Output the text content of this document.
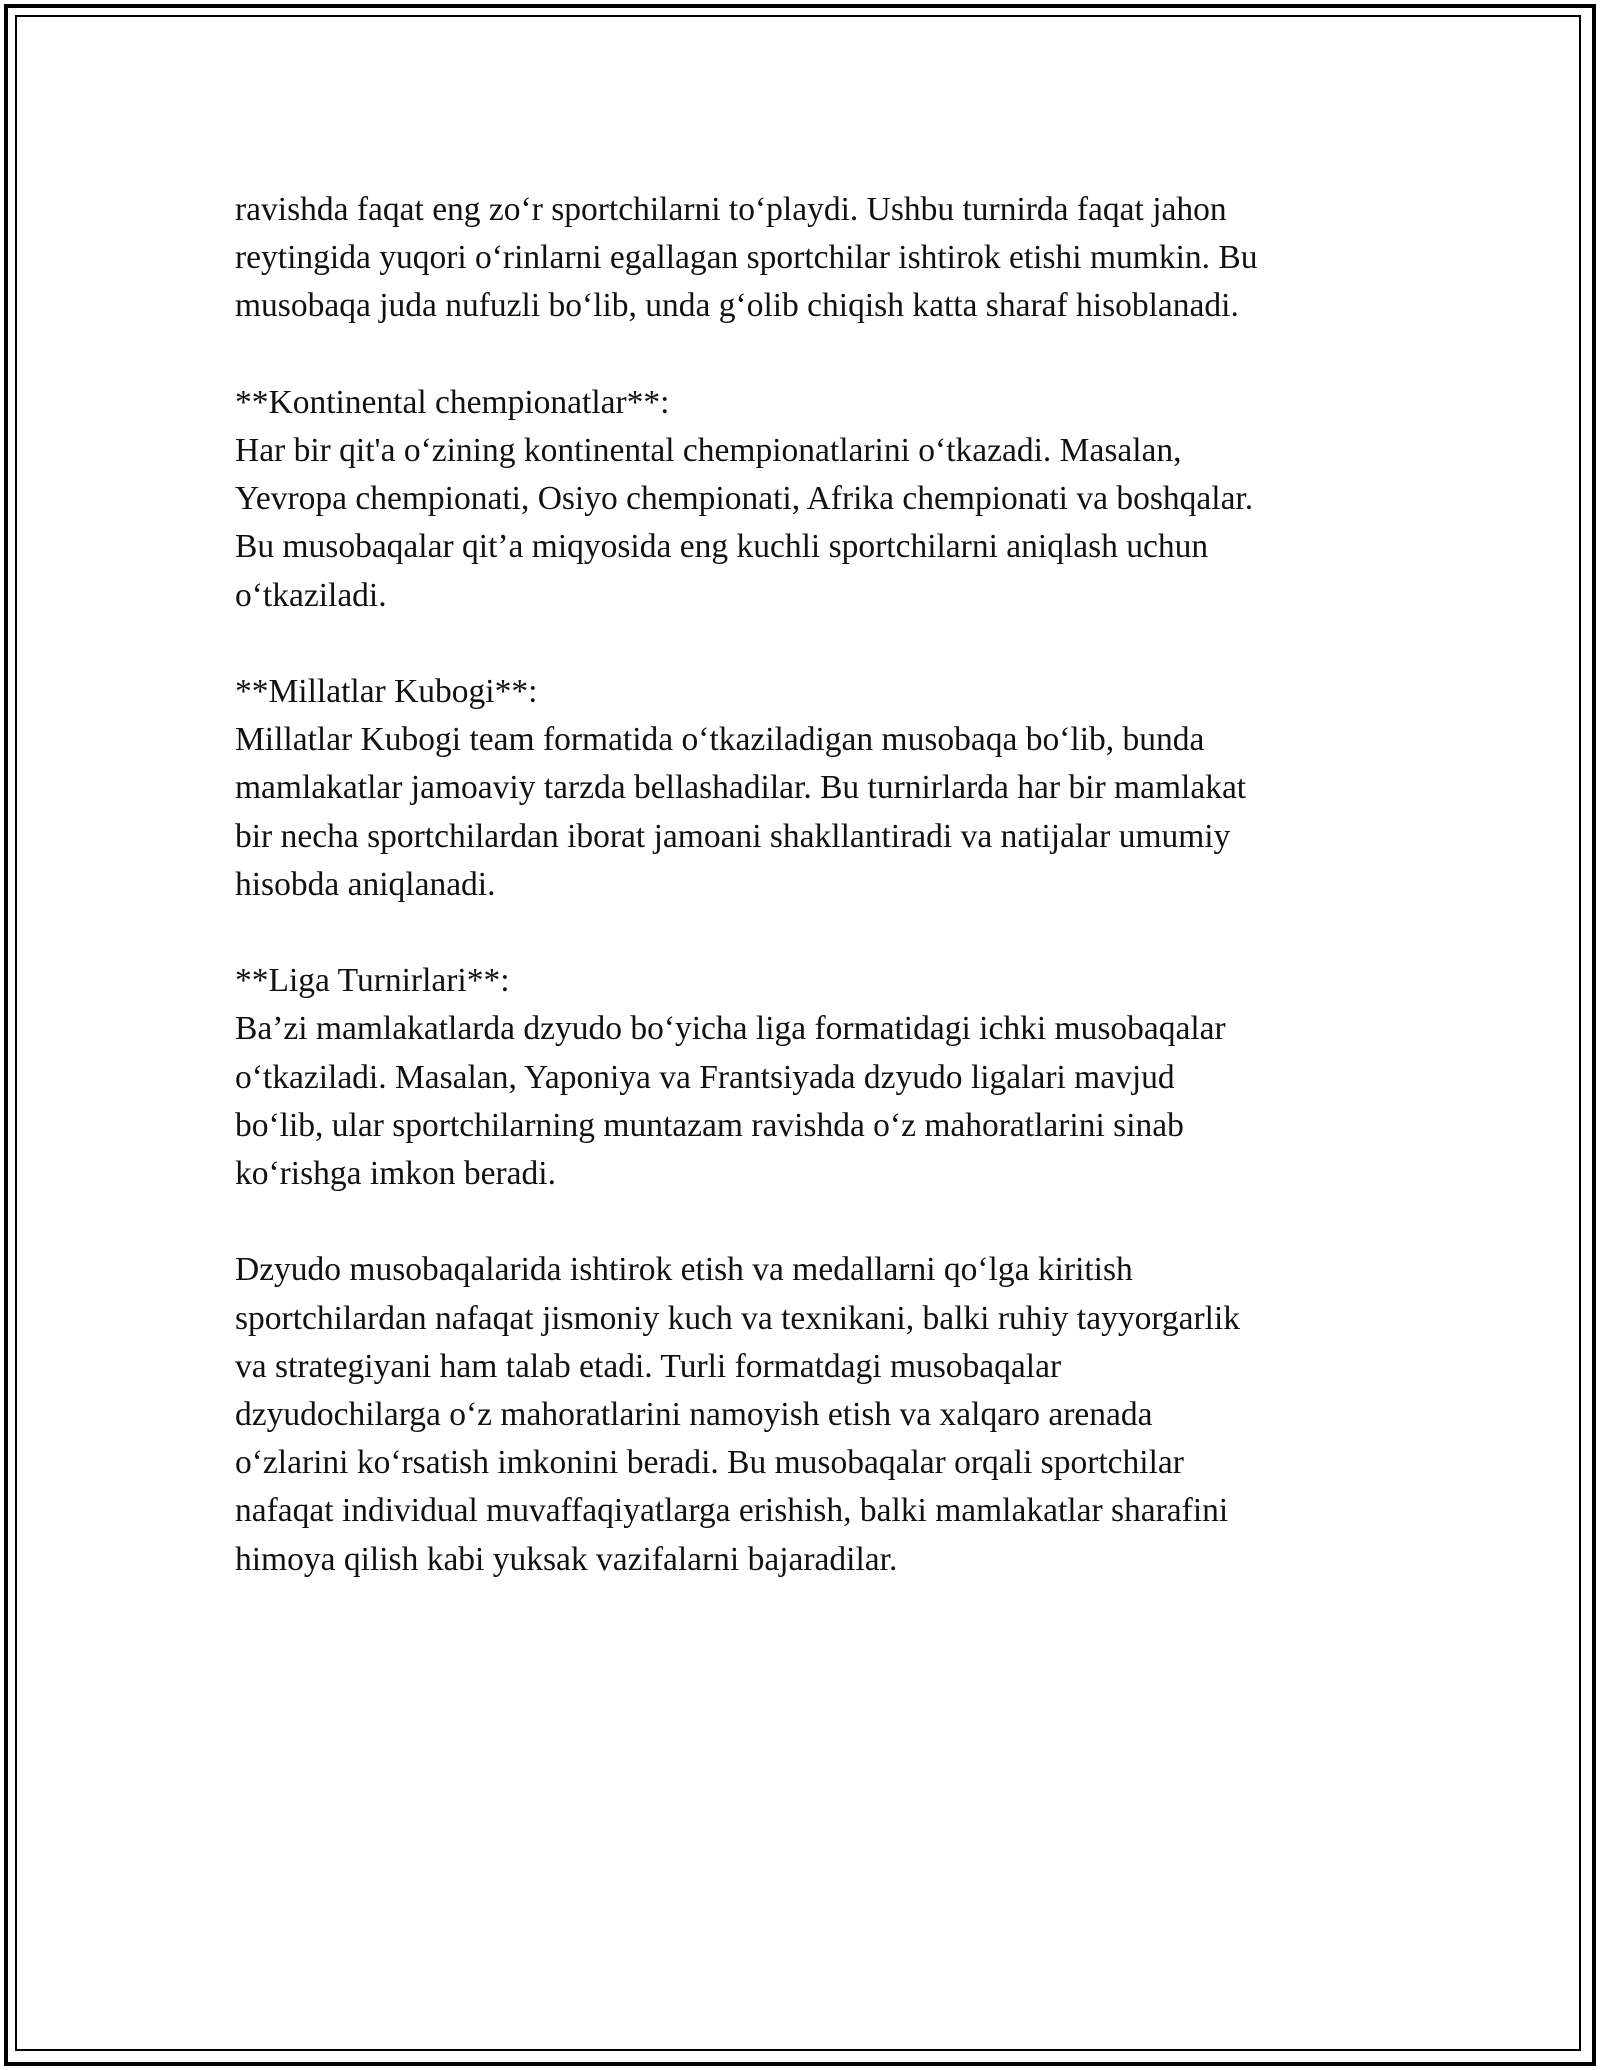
ravishda faqat eng zo‘r sportchilarni to‘playdi. Ushbu turnirda faqat jahon
reytingida yuqori o‘rinlarni egallagan sportchilar ishtirok etishi mumkin. Bu
musobaqa juda nufuzli bo‘lib, unda g‘olib chiqish katta sharaf hisoblanadi.
**Kontinental chempionatlar**:
Har bir qit'a o‘zining kontinental chempionatlarini o‘tkazadi. Masalan,
Yevropa chempionati, Osiyo chempionati, Afrika chempionati va boshqalar.
Bu musobaqalar qit’a miqyosida eng kuchli sportchilarni aniqlash uchun
o‘tkaziladi.
**Millatlar Kubogi**:
Millatlar Kubogi team formatida o‘tkaziladigan musobaqa bo‘lib, bunda
mamlakatlar jamoaviy tarzda bellashadilar. Bu turnirlarda har bir mamlakat
bir necha sportchilardan iborat jamoani shakllantiradi va natijalar umumiy
hisobda aniqlanadi.
**Liga Turnirlari**:
Ba’zi mamlakatlarda dzyudo bo‘yicha liga formatidagi ichki musobaqalar
o‘tkaziladi. Masalan, Yaponiya va Frantsiyada dzyudo ligalari mavjud
bo‘lib, ular sportchilarning muntazam ravishda o‘z mahoratlarini sinab
ko‘rishga imkon beradi.
Dzyudo musobaqalarida ishtirok etish va medallarni qo‘lga kiritish
sportchilardan nafaqat jismoniy kuch va texnikani, balki ruhiy tayyorgarlik
va strategiyani ham talab etadi. Turli formatdagi musobaqalar
dzyudochilarga o‘z mahoratlarini namoyish etish va xalqaro arenada
o‘zlarini ko‘rsatish imkonini beradi. Bu musobaqalar orqali sportchilar
nafaqat individual muvaffaqiyatlarga erishish, balki mamlakatlar sharafini
himoya qilish kabi yuksak vazifalarni bajaradilar.
